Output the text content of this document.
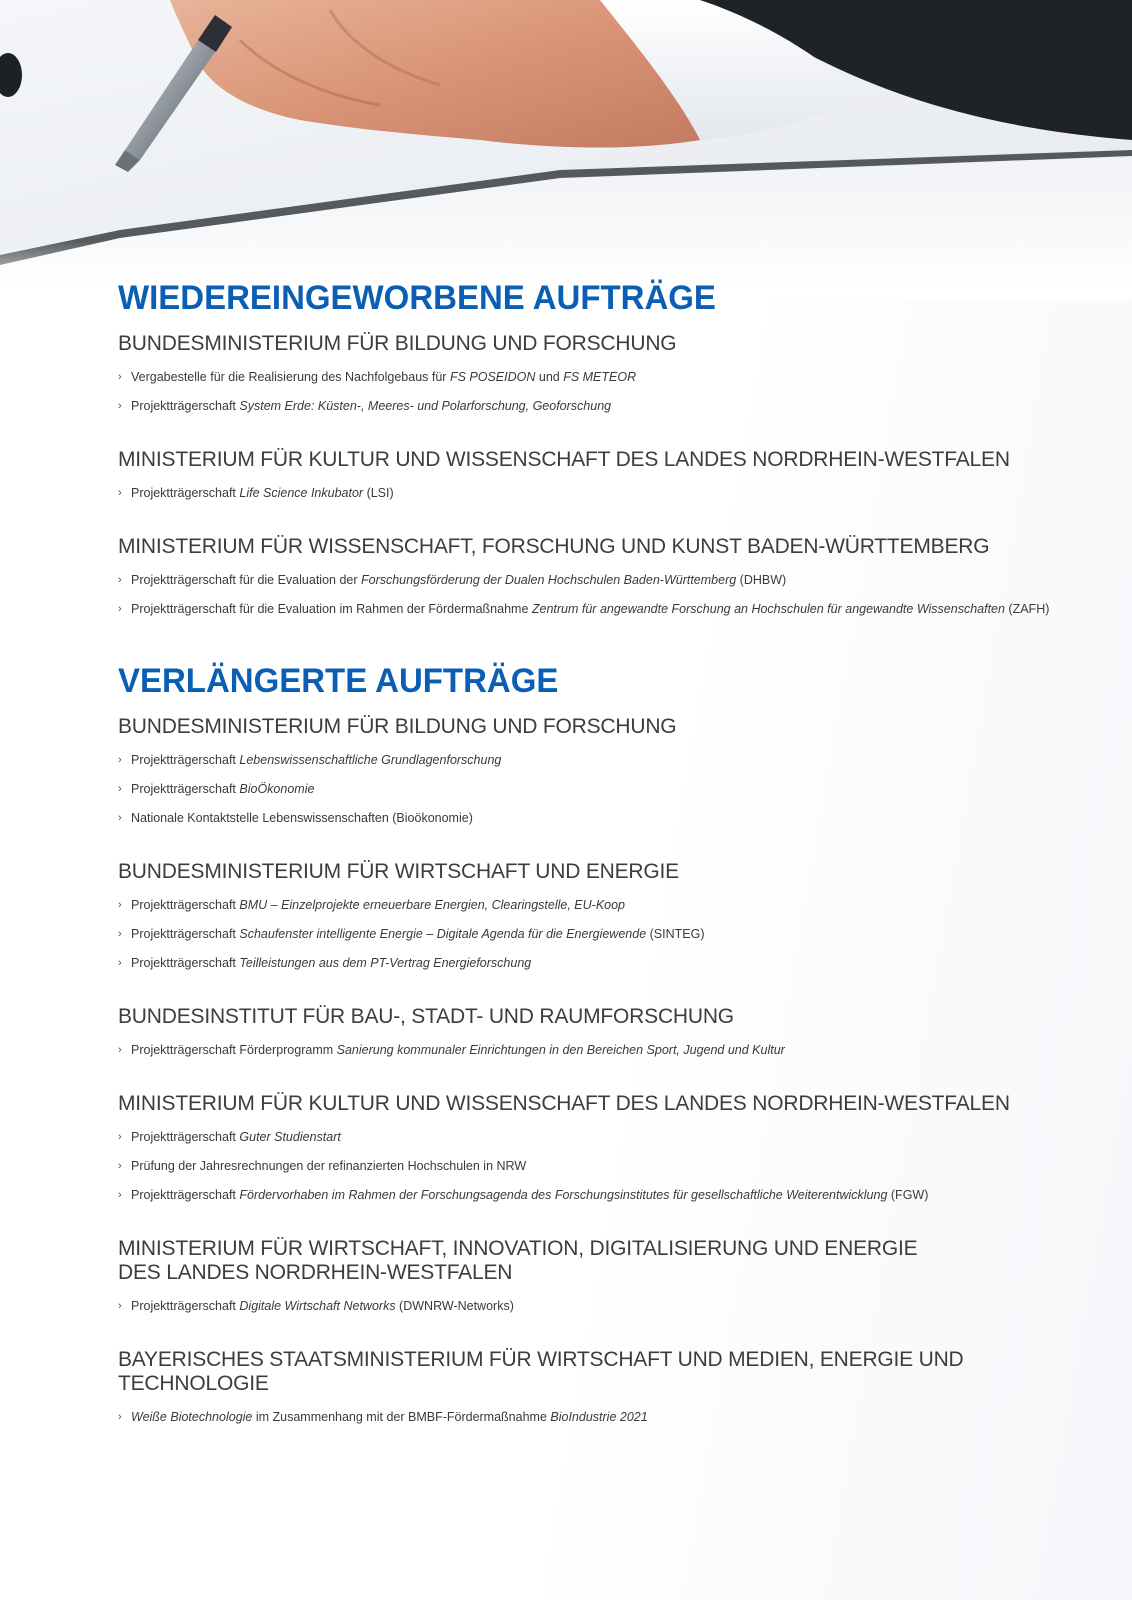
WIEDEREINGEWORBENE AUFTRÄGE
BUNDESMINISTERIUM FÜR BILDUNG UND FORSCHUNG
› Vergabestelle für die Realisierung des Nachfolgebaus für FS POSEIDON und FS METEOR
› Projektträgerschaft System Erde: Küsten-, Meeres- und Polarforschung, Geoforschung
MINISTERIUM FÜR KULTUR UND WISSENSCHAFT DES LANDES NORDRHEIN-WESTFALEN
› Projektträgerschaft Life Science Inkubator (LSI)
MINISTERIUM FÜR WISSENSCHAFT, FORSCHUNG UND KUNST BADEN-WÜRTTEMBERG
› Projektträgerschaft für die Evaluation der Forschungsförderung der Dualen Hochschulen Baden-Württemberg (DHBW)
› Projektträgerschaft für die Evaluation im Rahmen der Fördermaßnahme Zentrum für angewandte Forschung an Hochschulen für angewandte Wissenschaften (ZAFH)
VERLÄNGERTE AUFTRÄGE
BUNDESMINISTERIUM FÜR BILDUNG UND FORSCHUNG
› Projektträgerschaft Lebenswissenschaftliche Grundlagenforschung
› Projektträgerschaft BioÖkonomie
› Nationale Kontaktstelle Lebenswissenschaften (Bioökonomie)
BUNDESMINISTERIUM FÜR WIRTSCHAFT UND ENERGIE
› Projektträgerschaft BMU – Einzelprojekte erneuerbare Energien, Clearingstelle, EU-Koop
› Projektträgerschaft Schaufenster intelligente Energie – Digitale Agenda für die Energiewende (SINTEG)
› Projektträgerschaft Teilleistungen aus dem PT-Vertrag Energieforschung
BUNDESINSTITUT FÜR BAU-, STADT- UND RAUMFORSCHUNG
› Projektträgerschaft Förderprogramm Sanierung kommunaler Einrichtungen in den Bereichen Sport, Jugend und Kultur
MINISTERIUM FÜR KULTUR UND WISSENSCHAFT DES LANDES NORDRHEIN-WESTFALEN
› Projektträgerschaft Guter Studienstart
› Prüfung der Jahresrechnungen der refinanzierten Hochschulen in NRW
› Projektträgerschaft Fördervorhaben im Rahmen der Forschungsagenda des Forschungsinstitutes für gesellschaftliche Weiterentwicklung (FGW)
MINISTERIUM FÜR WIRTSCHAFT, INNOVATION, DIGITALISIERUNG UND ENERGIE DES LANDES NORDRHEIN-WESTFALEN
› Projektträgerschaft Digitale Wirtschaft Networks (DWNRW-Networks)
BAYERISCHES STAATSMINISTERIUM FÜR WIRTSCHAFT UND MEDIEN, ENERGIE UND TECHNOLOGIE
› Weiße Biotechnologie im Zusammenhang mit der BMBF-Fördermaßnahme BioIndustrie 2021
